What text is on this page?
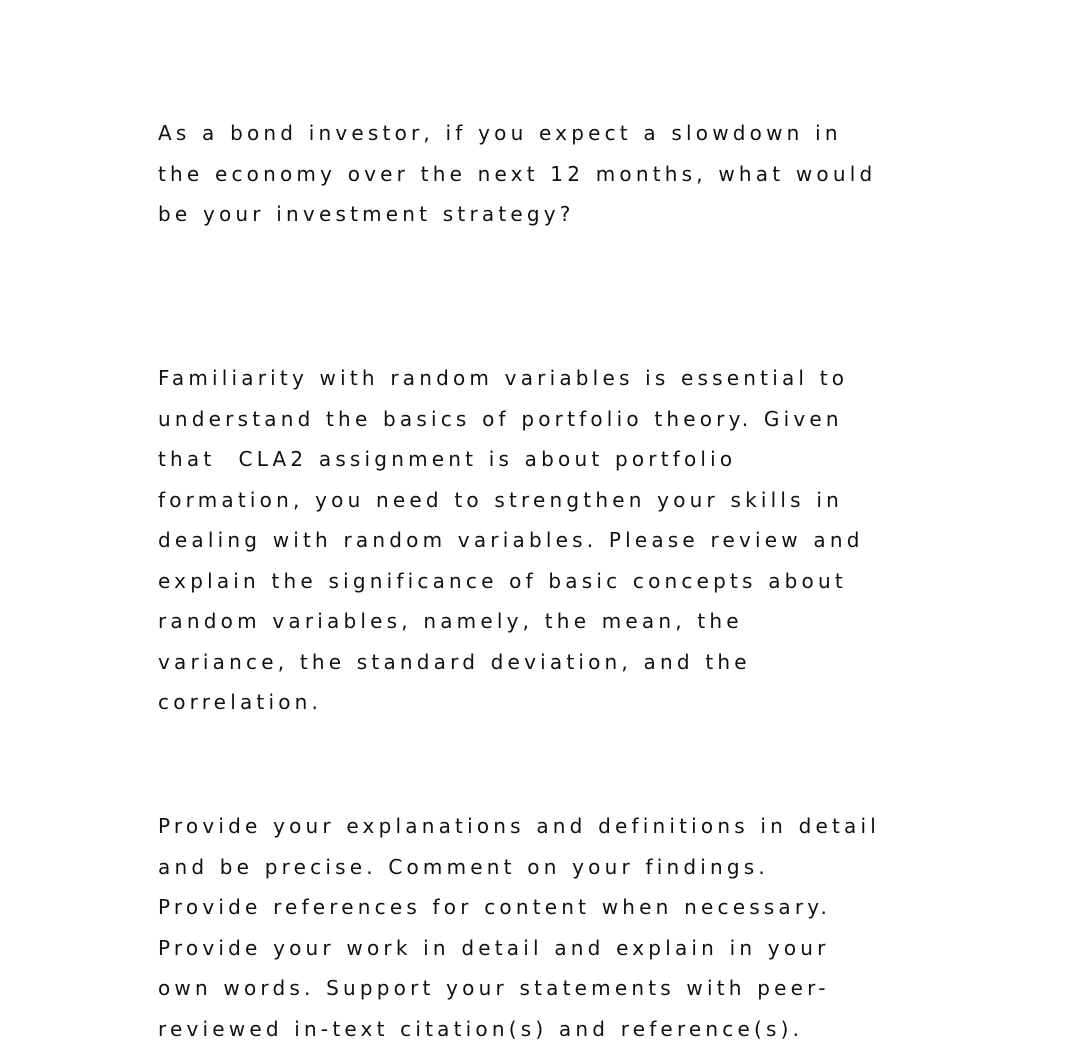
As a bond investor, if you expect a slowdown in
the economy over the next 12 months, what would
be your investment strategy?

Familiarity with random variables is essential to
understand the basics of portfolio theory. Given
that  CLA2 assignment is about portfolio
formation, you need to strengthen your skills in
dealing with random variables. Please review and
explain the significance of basic concepts about
random variables, namely, the mean, the
variance, the standard deviation, and the
correlation.

Provide your explanations and definitions in detail
and be precise. Comment on your findings.
Provide references for content when necessary.
Provide your work in detail and explain in your
own words. Support your statements with peer-
reviewed in-text citation(s) and reference(s).
